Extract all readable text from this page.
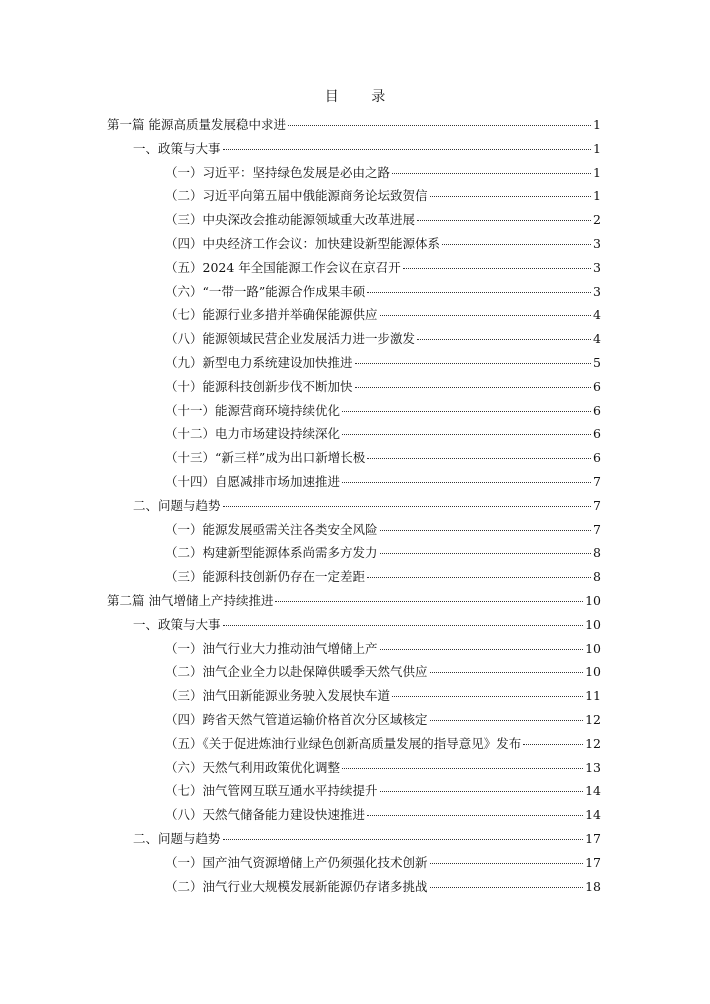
目 录
第一篇 能源高质量发展稳中求进	1
一、政策与大事	1
（一）习近平：坚持绿色发展是必由之路	1
（二）习近平向第五届中俄能源商务论坛致贺信	1
（三）中央深改会推动能源领域重大改革进展	2
（四）中央经济工作会议：加快建设新型能源体系	3
（五）2024 年全国能源工作会议在京召开	3
（六）“一带一路”能源合作成果丰硕	3
（七）能源行业多措并举确保能源供应	4
（八）能源领域民营企业发展活力进一步激发	4
（九）新型电力系统建设加快推进	5
（十）能源科技创新步伐不断加快	6
（十一）能源营商环境持续优化	6
（十二）电力市场建设持续深化	6
（十三）“新三样”成为出口新增长极	6
（十四）自愿减排市场加速推进	7
二、问题与趋势	7
（一）能源发展亟需关注各类安全风险	7
（二）构建新型能源体系尚需多方发力	8
（三）能源科技创新仍存在一定差距	8
第二篇 油气增储上产持续推进	10
一、政策与大事	10
（一）油气行业大力推动油气增储上产	10
（二）油气企业全力以赴保障供暖季天然气供应	10
（三）油气田新能源业务驶入发展快车道	11
（四）跨省天然气管道运输价格首次分区域核定	12
（五）《关于促进炼油行业绿色创新高质量发展的指导意见》发布	12
（六）天然气利用政策优化调整	13
（七）油气管网互联互通水平持续提升	14
（八）天然气储备能力建设快速推进	14
二、问题与趋势	17
（一）国产油气资源增储上产仍须强化技术创新	17
（二）油气行业大规模发展新能源仍存诸多挑战	18
